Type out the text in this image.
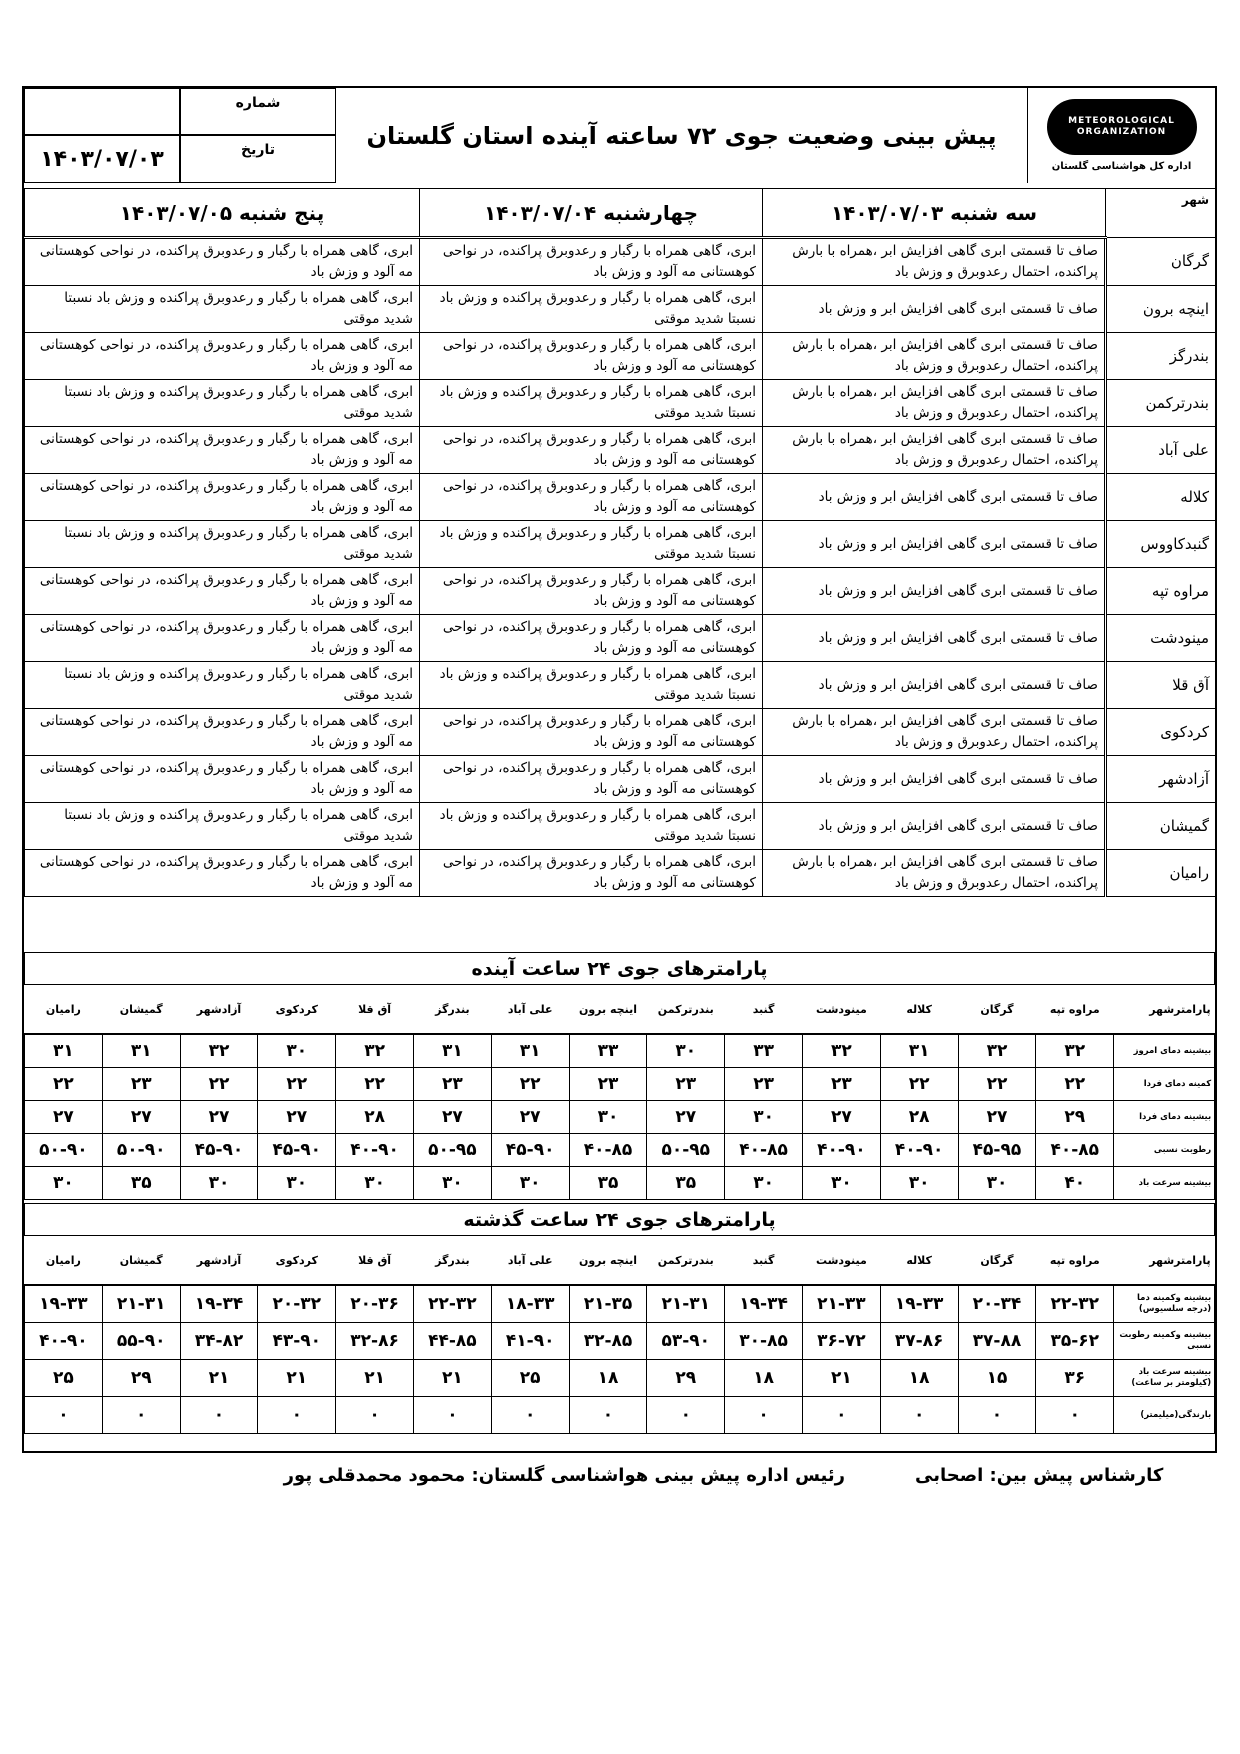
METEOROLOGICAL ORGANIZATION
اداره کل هواشناسی گلستان
پیش بینی وضعیت جوی ۷۲ ساعته آینده استان گلستان
شماره
۱۴۰۳/۰۷/۰۳	تاریخ
شهر	سه شنبه ۱۴۰۳/۰۷/۰۳	چهارشنبه ۱۴۰۳/۰۷/۰۴	پنج شنبه ۱۴۰۳/۰۷/۰۵
گرگان	صاف تا قسمتی ابری گاهی افزایش ابر ،همراه با بارش پراکنده، احتمال رعدوبرق و وزش باد	ابری، گاهی همراه با رگبار و رعدوبرق پراکنده، در نواحی کوهستانی مه آلود و وزش باد	ابری، گاهی همراه با رگبار و رعدوبرق پراکنده، در نواحی کوهستانی مه آلود و وزش باد
اینچه برون	صاف تا قسمتی ابری گاهی افزایش ابر و وزش باد	ابری، گاهی همراه با رگبار و رعدوبرق پراکنده و وزش باد نسبتا شدید موقتی	ابری، گاهی همراه با رگبار و رعدوبرق پراکنده و وزش باد نسبتا شدید موقتی
بندرگز	صاف تا قسمتی ابری گاهی افزایش ابر ،همراه با بارش پراکنده، احتمال رعدوبرق و وزش باد	ابری، گاهی همراه با رگبار و رعدوبرق پراکنده، در نواحی کوهستانی مه آلود و وزش باد	ابری، گاهی همراه با رگبار و رعدوبرق پراکنده، در نواحی کوهستانی مه آلود و وزش باد
بندرترکمن	صاف تا قسمتی ابری گاهی افزایش ابر ،همراه با بارش پراکنده، احتمال رعدوبرق و وزش باد	ابری، گاهی همراه با رگبار و رعدوبرق پراکنده و وزش باد نسبتا شدید موقتی	ابری، گاهی همراه با رگبار و رعدوبرق پراکنده و وزش باد نسبتا شدید موقتی
علی آباد	صاف تا قسمتی ابری گاهی افزایش ابر ،همراه با بارش پراکنده، احتمال رعدوبرق و وزش باد	ابری، گاهی همراه با رگبار و رعدوبرق پراکنده، در نواحی کوهستانی مه آلود و وزش باد	ابری، گاهی همراه با رگبار و رعدوبرق پراکنده، در نواحی کوهستانی مه آلود و وزش باد
کلاله	صاف تا قسمتی ابری گاهی افزایش ابر و وزش باد	ابری، گاهی همراه با رگبار و رعدوبرق پراکنده، در نواحی کوهستانی مه آلود و وزش باد	ابری، گاهی همراه با رگبار و رعدوبرق پراکنده، در نواحی کوهستانی مه آلود و وزش باد
گنبدکاووس	صاف تا قسمتی ابری گاهی افزایش ابر و وزش باد	ابری، گاهی همراه با رگبار و رعدوبرق پراکنده و وزش باد نسبتا شدید موقتی	ابری، گاهی همراه با رگبار و رعدوبرق پراکنده و وزش باد نسبتا شدید موقتی
مراوه تپه	صاف تا قسمتی ابری گاهی افزایش ابر و وزش باد	ابری، گاهی همراه با رگبار و رعدوبرق پراکنده، در نواحی کوهستانی مه آلود و وزش باد	ابری، گاهی همراه با رگبار و رعدوبرق پراکنده، در نواحی کوهستانی مه آلود و وزش باد
مینودشت	صاف تا قسمتی ابری گاهی افزایش ابر و وزش باد	ابری، گاهی همراه با رگبار و رعدوبرق پراکنده، در نواحی کوهستانی مه آلود و وزش باد	ابری، گاهی همراه با رگبار و رعدوبرق پراکنده، در نواحی کوهستانی مه آلود و وزش باد
آق قلا	صاف تا قسمتی ابری گاهی افزایش ابر و وزش باد	ابری، گاهی همراه با رگبار و رعدوبرق پراکنده و وزش باد نسبتا شدید موقتی	ابری، گاهی همراه با رگبار و رعدوبرق پراکنده و وزش باد نسبتا شدید موقتی
کردکوی	صاف تا قسمتی ابری گاهی افزایش ابر ،همراه با بارش پراکنده، احتمال رعدوبرق و وزش باد	ابری، گاهی همراه با رگبار و رعدوبرق پراکنده، در نواحی کوهستانی مه آلود و وزش باد	ابری، گاهی همراه با رگبار و رعدوبرق پراکنده، در نواحی کوهستانی مه آلود و وزش باد
آزادشهر	صاف تا قسمتی ابری گاهی افزایش ابر و وزش باد	ابری، گاهی همراه با رگبار و رعدوبرق پراکنده، در نواحی کوهستانی مه آلود و وزش باد	ابری، گاهی همراه با رگبار و رعدوبرق پراکنده، در نواحی کوهستانی مه آلود و وزش باد
گمیشان	صاف تا قسمتی ابری گاهی افزایش ابر و وزش باد	ابری، گاهی همراه با رگبار و رعدوبرق پراکنده و وزش باد نسبتا شدید موقتی	ابری، گاهی همراه با رگبار و رعدوبرق پراکنده و وزش باد نسبتا شدید موقتی
رامیان	صاف تا قسمتی ابری گاهی افزایش ابر ،همراه با بارش پراکنده، احتمال رعدوبرق و وزش باد	ابری، گاهی همراه با رگبار و رعدوبرق پراکنده، در نواحی کوهستانی مه آلود و وزش باد	ابری، گاهی همراه با رگبار و رعدوبرق پراکنده، در نواحی کوهستانی مه آلود و وزش باد
پارامترهای جوی ۲۴ ساعت آینده
پارامترشهر	مراوه تپه	گرگان	کلاله	مینودشت	گنبد	بندرترکمن	اینچه برون	علی آباد	بندرگز	آق قلا	کردکوی	آزادشهر	گمیشان	رامیان
بیشینه دمای امروز	۳۲	۳۲	۳۱	۳۲	۳۳	۳۰	۳۳	۳۱	۳۱	۳۲	۳۰	۳۲	۳۱	۳۱
کمینه دمای فردا	۲۲	۲۲	۲۲	۲۳	۲۳	۲۳	۲۳	۲۲	۲۳	۲۲	۲۲	۲۲	۲۳	۲۲
بیشینه دمای فردا	۲۹	۲۷	۲۸	۲۷	۳۰	۲۷	۳۰	۲۷	۲۷	۲۸	۲۷	۲۷	۲۷	۲۷
رطوبت نسبی	۴۰-۸۵	۴۵-۹۵	۴۰-۹۰	۴۰-۹۰	۴۰-۸۵	۵۰-۹۵	۴۰-۸۵	۴۵-۹۰	۵۰-۹۵	۴۰-۹۰	۴۵-۹۰	۴۵-۹۰	۵۰-۹۰	۵۰-۹۰
بیشینه سرعت باد	۴۰	۳۰	۳۰	۳۰	۳۰	۳۵	۳۵	۳۰	۳۰	۳۰	۳۰	۳۰	۳۵	۳۰
پارامترهای جوی ۲۴ ساعت گذشته
پارامترشهر	مراوه تپه	گرگان	کلاله	مینودشت	گنبد	بندرترکمن	اینچه برون	علی آباد	بندرگز	آق قلا	کردکوی	آزادشهر	گمیشان	رامیان
بیشینه وکمینه دما (درجه سلسیوس)	۲۲-۳۲	۲۰-۳۴	۱۹-۳۳	۲۱-۳۳	۱۹-۳۴	۲۱-۳۱	۲۱-۳۵	۱۸-۳۳	۲۲-۳۲	۲۰-۳۶	۲۰-۳۲	۱۹-۳۴	۲۱-۳۱	۱۹-۳۳
بیشینه وکمینه رطوبت نسبی	۳۵-۶۲	۳۷-۸۸	۳۷-۸۶	۳۶-۷۲	۳۰-۸۵	۵۳-۹۰	۳۲-۸۵	۴۱-۹۰	۴۴-۸۵	۳۲-۸۶	۴۳-۹۰	۳۴-۸۲	۵۵-۹۰	۴۰-۹۰
بیشینه سرعت باد (کیلومتر بر ساعت)	۳۶	۱۵	۱۸	۲۱	۱۸	۲۹	۱۸	۲۵	۲۱	۲۱	۲۱	۲۱	۲۹	۲۵
بارندگی(میلیمتر)	۰	۰	۰	۰	۰	۰	۰	۰	۰	۰	۰	۰	۰	۰
کارشناس پیش بین: اصحابی
رئیس اداره پیش بینی هواشناسی گلستان: محمود محمدقلی پور
